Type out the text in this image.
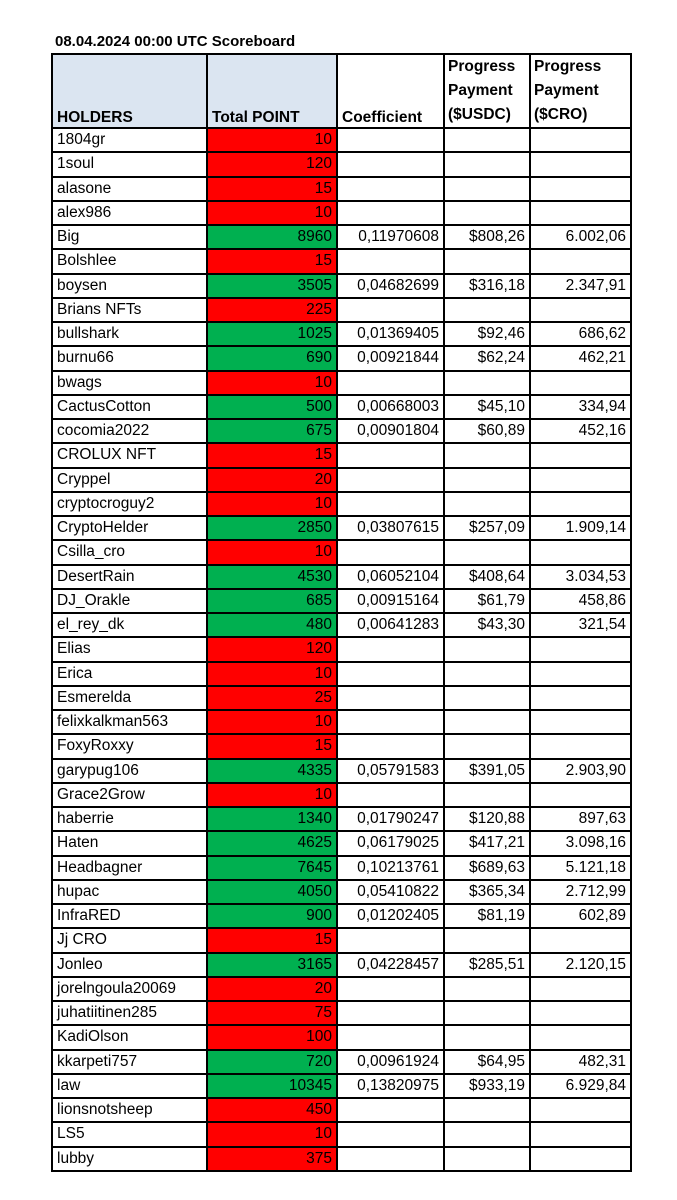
08.04.2024 00:00 UTC Scoreboard
HOLDERS	Total POINT	Coefficient	Progress Payment ($USDC)	Progress Payment ($CRO)
1804gr	10			
1soul	120			
alasone	15			
alex986	10			
Big	8960	0,11970608	$808,26	6.002,06
Bolshlee	15			
boysen	3505	0,04682699	$316,18	2.347,91
Brians NFTs	225			
bullshark	1025	0,01369405	$92,46	686,62
burnu66	690	0,00921844	$62,24	462,21
bwags	10			
CactusCotton	500	0,00668003	$45,10	334,94
cocomia2022	675	0,00901804	$60,89	452,16
CROLUX NFT	15			
Cryppel	20			
cryptocroguy2	10			
CryptoHelder	2850	0,03807615	$257,09	1.909,14
Csilla_cro	10			
DesertRain	4530	0,06052104	$408,64	3.034,53
DJ_Orakle	685	0,00915164	$61,79	458,86
el_rey_dk	480	0,00641283	$43,30	321,54
Elias	120			
Erica	10			
Esmerelda	25			
felixkalkman563	10			
FoxyRoxxy	15			
garypug106	4335	0,05791583	$391,05	2.903,90
Grace2Grow	10			
haberrie	1340	0,01790247	$120,88	897,63
Haten	4625	0,06179025	$417,21	3.098,16
Headbagner	7645	0,10213761	$689,63	5.121,18
hupac	4050	0,05410822	$365,34	2.712,99
InfraRED	900	0,01202405	$81,19	602,89
Jj CRO	15			
Jonleo	3165	0,04228457	$285,51	2.120,15
jorelngoula20069	20			
juhatiitinen285	75			
KadiOlson	100			
kkarpeti757	720	0,00961924	$64,95	482,31
law	10345	0,13820975	$933,19	6.929,84
lionsnotsheep	450			
LS5	10			
lubby	375			
